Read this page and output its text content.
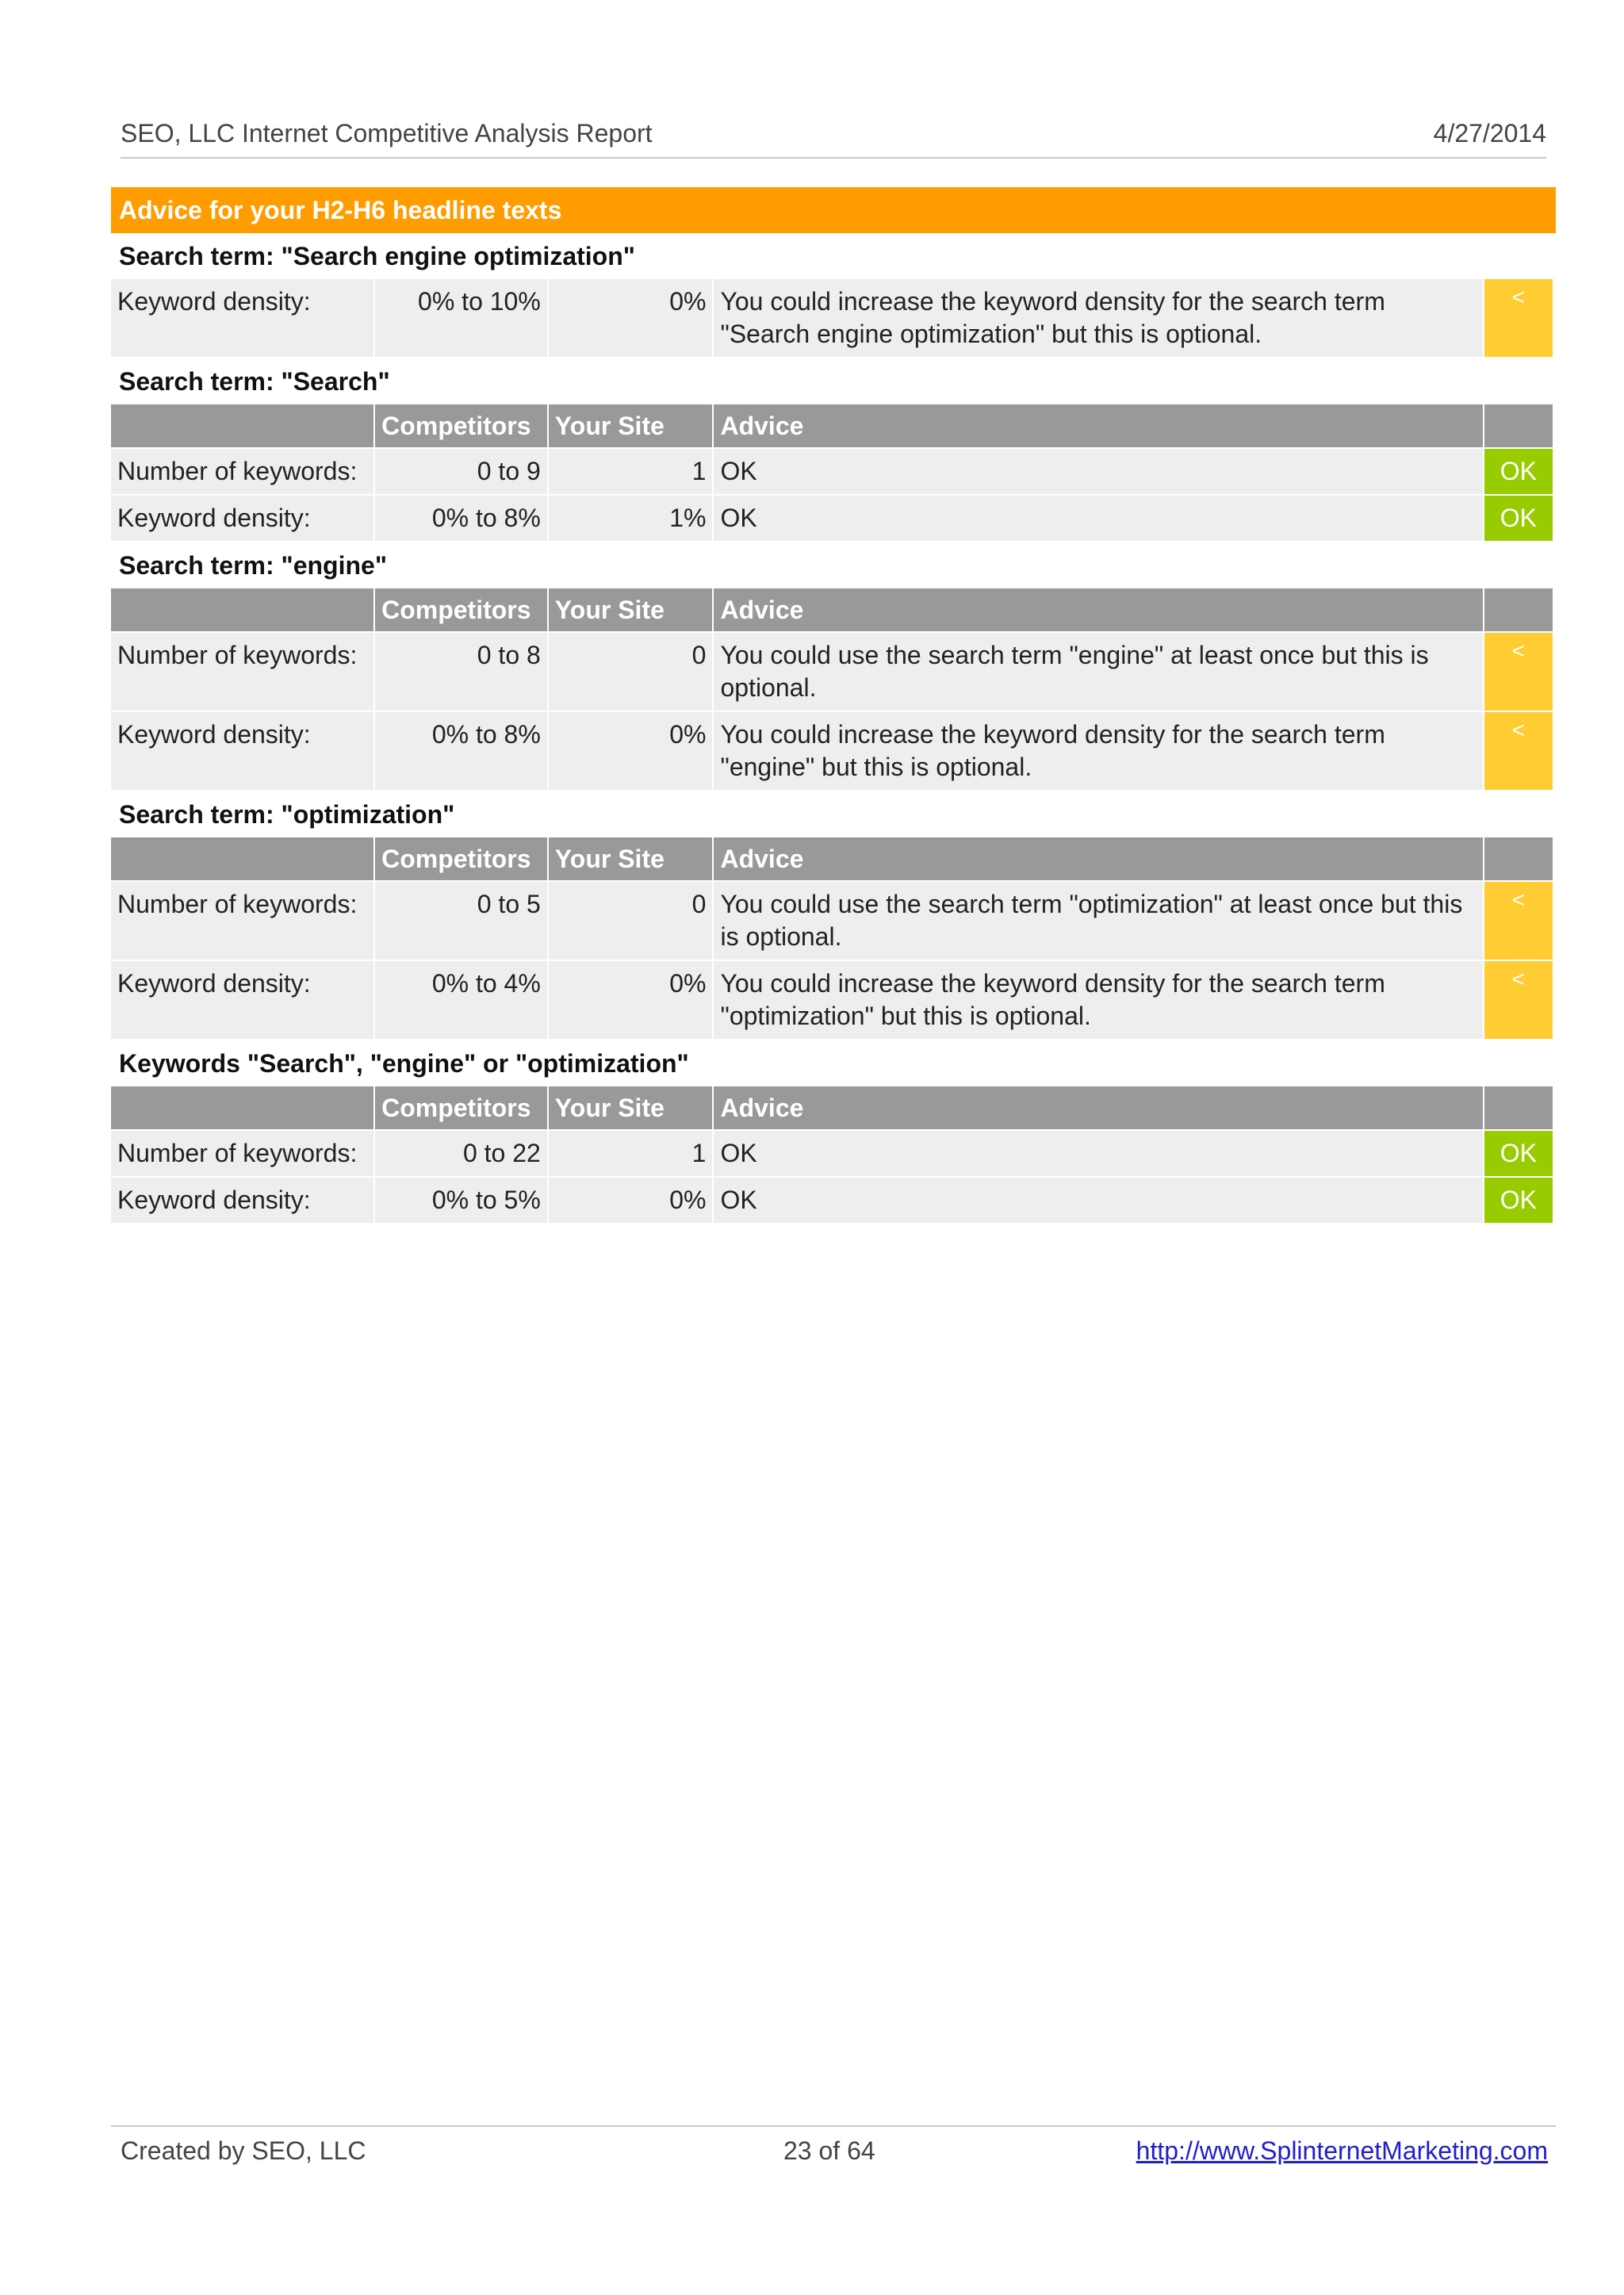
SEO, LLC Internet Competitive Analysis Report	4/27/2014
Advice for your H2-H6 headline texts
Search term: "Search engine optimization"
Keyword density:	0% to 10%	0%	You could increase the keyword density for the search term "Search engine optimization" but this is optional.	<
Search term: "Search"
	Competitors	Your Site	Advice	
Number of keywords:	0 to 9	1	OK	OK
Keyword density:	0% to 8%	1%	OK	OK
Search term: "engine"
	Competitors	Your Site	Advice	
Number of keywords:	0 to 8	0	You could use the search term "engine" at least once but this is optional.	<
Keyword density:	0% to 8%	0%	You could increase the keyword density for the search term "engine" but this is optional.	<
Search term: "optimization"
	Competitors	Your Site	Advice	
Number of keywords:	0 to 5	0	You could use the search term "optimization" at least once but this is optional.	<
Keyword density:	0% to 4%	0%	You could increase the keyword density for the search term "optimization" but this is optional.	<
Keywords "Search", "engine" or "optimization"
	Competitors	Your Site	Advice	
Number of keywords:	0 to 22	1	OK	OK
Keyword density:	0% to 5%	0%	OK	OK
Created by SEO, LLC	23 of 64	http://www.SplinternetMarketing.com
